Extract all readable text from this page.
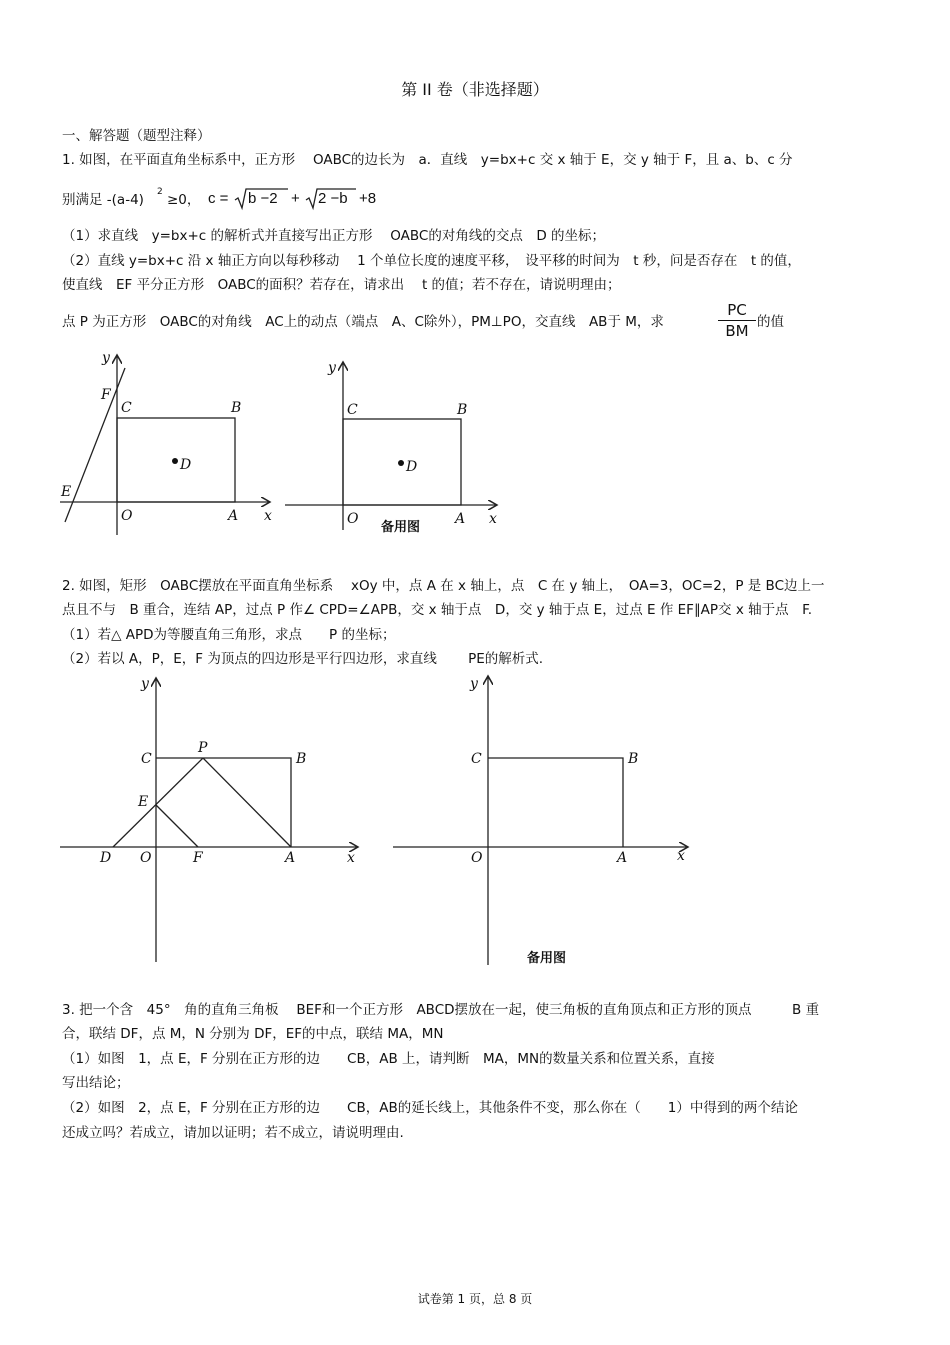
第 II 卷（非选择题）
一、解答题（题型注释）
1. 如图，在平面直角坐标系中，正方形　 OABC的边长为　a．直线　y=bx+c 交 x 轴于 E，交 y 轴于 F，且 a、b、c 分
别满足 -(a-4) 2 ≥0， c = b −2 + 2 −b +8
（1）求直线　y=bx+c 的解析式并直接写出正方形　 OABC的对角线的交点　D 的坐标；
（2）直线 y=bx+c 沿 x 轴正方向以每秒移动　 1 个单位长度的速度平移，　设平移的时间为　t 秒，问是否存在　t 的值，
使直线　EF 平分正方形　OABC的面积？若存在，请求出　 t 的值；若不存在，请说明理由；
点 P 为正方形　OABC的对角线　AC上的动点（端点　A、C除外），PM⊥PO，交直线　AB于 M，求	$\frac{PC}{BM}$ 的值
y
F
C	B
D
E
O	A x
y
C	B
D
O	A x
备用图
2. 如图，矩形　OABC摆放在平面直角坐标系　 xOy 中，点 A 在 x 轴上，点　C 在 y 轴上，　OA=3，OC=2，P 是 BC边上一
点且不与　B 重合，连结 AP，过点 P 作∠ CPD=∠APB，交 x 轴于点　D，交 y 轴于点 E，过点 E 作 EF∥AP交 x 轴于点　F.
（1）若△ APD为等腰直角三角形，求点　　P 的坐标；
（2）若以 A，P，E，F 为顶点的四边形是平行四边形，求直线　　 PE的解析式.
y
C
P
B
E
D O	F	A	x
y
C	B
O	A	x
备用图
3. 把一个含　45°　角的直角三角板　 BEF和一个正方形　ABCD摆放在一起，使三角板的直角顶点和正方形的顶点　　　B 重
合，联结 DF，点 M，N 分别为 DF，EF的中点，联结 MA，MN
（1）如图　1，点 E，F 分别在正方形的边　　CB，AB 上，请判断　MA，MN的数量关系和位置关系，直接
写出结论；
（2）如图　2，点 E，F 分别在正方形的边　　CB，AB的延长线上，其他条件不变，那么你在（　　1）中得到的两个结论
还成立吗？若成立，请加以证明；若不成立，请说明理由.
试卷第 1 页，总 8 页
